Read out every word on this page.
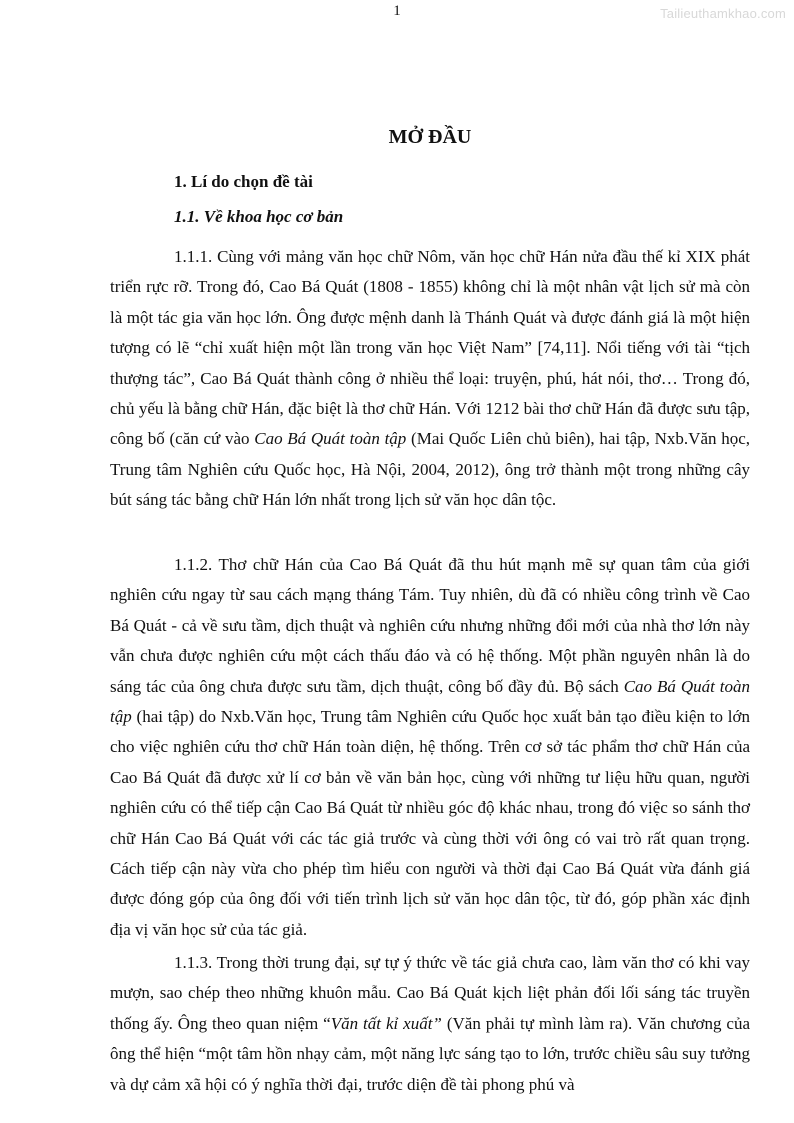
1	Tailieuthamkhao.com
MỞ ĐẦU
1. Lí do chọn đề tài
1.1. Về khoa học cơ bản

1.1.1. Cùng với mảng văn học chữ Nôm, văn học chữ Hán nửa đầu thế kỉ XIX phát triển rực rỡ. Trong đó, Cao Bá Quát (1808 - 1855) không chỉ là một nhân vật lịch sử mà còn là một tác gia văn học lớn. Ông được mệnh danh là Thánh Quát và được đánh giá là một hiện tượng có lẽ “chỉ xuất hiện một lần trong văn học Việt Nam” [74,11]. Nổi tiếng với tài “tịch thượng tác”, Cao Bá Quát thành công ở nhiều thể loại: truyện, phú, hát nói, thơ… Trong đó, chủ yếu là bằng chữ Hán, đặc biệt là thơ chữ Hán. Với 1212 bài thơ chữ Hán đã được sưu tập, công bố (căn cứ vào Cao Bá Quát toàn tập (Mai Quốc Liên chủ biên), hai tập, Nxb.Văn học, Trung tâm Nghiên cứu Quốc học, Hà Nội, 2004, 2012), ông trở thành một trong những cây bút sáng tác bằng chữ Hán lớn nhất trong lịch sử văn học dân tộc.

1.1.2. Thơ chữ Hán của Cao Bá Quát đã thu hút mạnh mẽ sự quan tâm của giới nghiên cứu ngay từ sau cách mạng tháng Tám. Tuy nhiên, dù đã có nhiều công trình về Cao Bá Quát - cả về sưu tầm, dịch thuật và nghiên cứu nhưng những đổi mới của nhà thơ lớn này vẫn chưa được nghiên cứu một cách thấu đáo và có hệ thống. Một phần nguyên nhân là do sáng tác của ông chưa được sưu tầm, dịch thuật, công bố đầy đủ. Bộ sách Cao Bá Quát toàn tập (hai tập) do Nxb.Văn học, Trung tâm Nghiên cứu Quốc học xuất bản tạo điều kiện to lớn cho việc nghiên cứu thơ chữ Hán toàn diện, hệ thống. Trên cơ sở tác phẩm thơ chữ Hán của Cao Bá Quát đã được xử lí cơ bản về văn bản học, cùng với những tư liệu hữu quan, người nghiên cứu có thể tiếp cận Cao Bá Quát từ nhiều góc độ khác nhau, trong đó việc so sánh thơ chữ Hán Cao Bá Quát với các tác giả trước và cùng thời với ông có vai trò rất quan trọng. Cách tiếp cận này vừa cho phép tìm hiểu con người và thời đại Cao Bá Quát vừa đánh giá được đóng góp của ông đối với tiến trình lịch sử văn học dân tộc, từ đó, góp phần xác định địa vị văn học sử của tác giả.

1.1.3. Trong thời trung đại, sự tự ý thức về tác giả chưa cao, làm văn thơ có khi vay mượn, sao chép theo những khuôn mẫu. Cao Bá Quát kịch liệt phản đối lối sáng tác truyền thống ấy. Ông theo quan niệm “Văn tất kỉ xuất” (Văn phải tự mình làm ra). Văn chương của ông thể hiện “một tâm hồn nhạy cảm, một năng lực sáng tạo to lớn, trước chiều sâu suy tưởng và dự cảm xã hội có ý nghĩa thời đại, trước diện đề tài phong phú và
